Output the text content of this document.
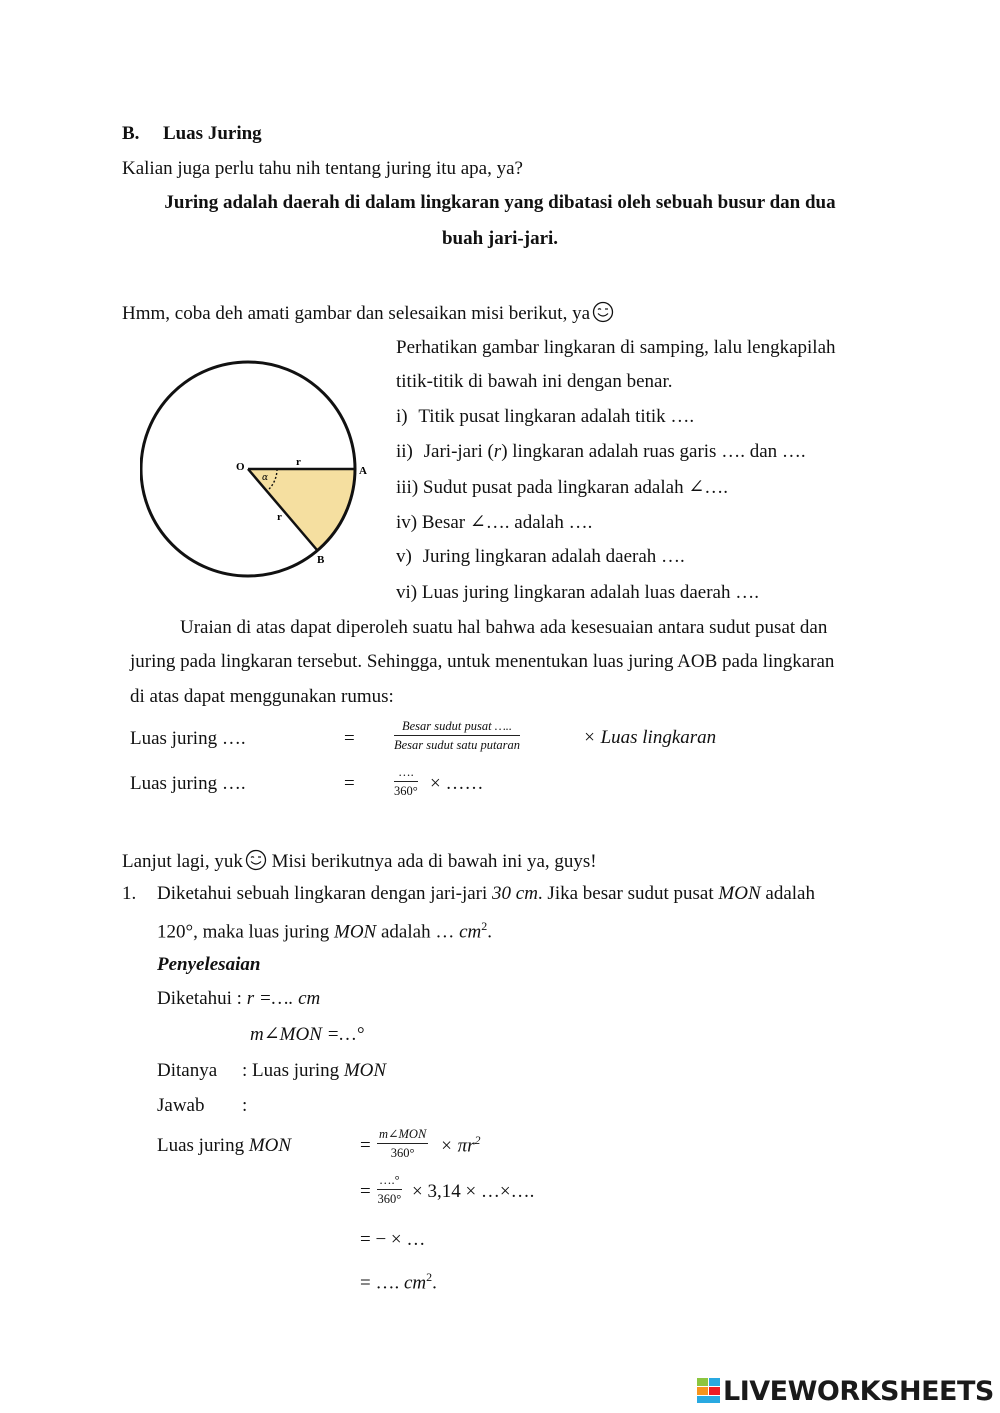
B. Luas Juring
Kalian juga perlu tahu nih tentang juring itu apa, ya?
Juring adalah daerah di dalam lingkaran yang dibatasi oleh sebuah busur dan dua
buah jari-jari.
Hmm, coba deh amati gambar dan selesaikan misi berikut, ya
O	r
A
α
r
B
Perhatikan gambar lingkaran di samping, lalu lengkapilah
titik-titik di bawah ini dengan benar.
i) Titik pusat lingkaran adalah titik ….
ii) Jari-jari (r) lingkaran adalah ruas garis …. dan ….
iii) Sudut pusat pada lingkaran adalah ∠….
iv) Besar ∠…. adalah ….
v) Juring lingkaran adalah daerah ….
vi) Luas juring lingkaran adalah luas daerah ….
Uraian di atas dapat diperoleh suatu hal bahwa ada kesesuaian antara sudut pusat dan
juring pada lingkaran tersebut. Sehingga, untuk menentukan luas juring AOB pada lingkaran
di atas dapat menggunakan rumus:
Luas juring ….	=
Besar sudut pusat …..
Besar sudut satu putaran	× Luas lingkaran
Luas juring ….	=
….
360° × ……
Lanjut lagi, yuk Misi berikutnya ada di bawah ini ya, guys!
1. Diketahui sebuah lingkaran dengan jari-jari 30 cm. Jika besar sudut pusat MON adalah
120°, maka luas juring MON adalah … $cm^2$.
Penyelesaian
Diketahui : r =…. cm
m∠MON =…°
Ditanya : Luas juring MON
Jawab :
Luas juring MON	=
m∠MON
360°	× $\pi r^2$
=
….°
360° × 3,14 × …×….
= − × …
= …. $cm^2$.
LIVEWORKSHEETS
